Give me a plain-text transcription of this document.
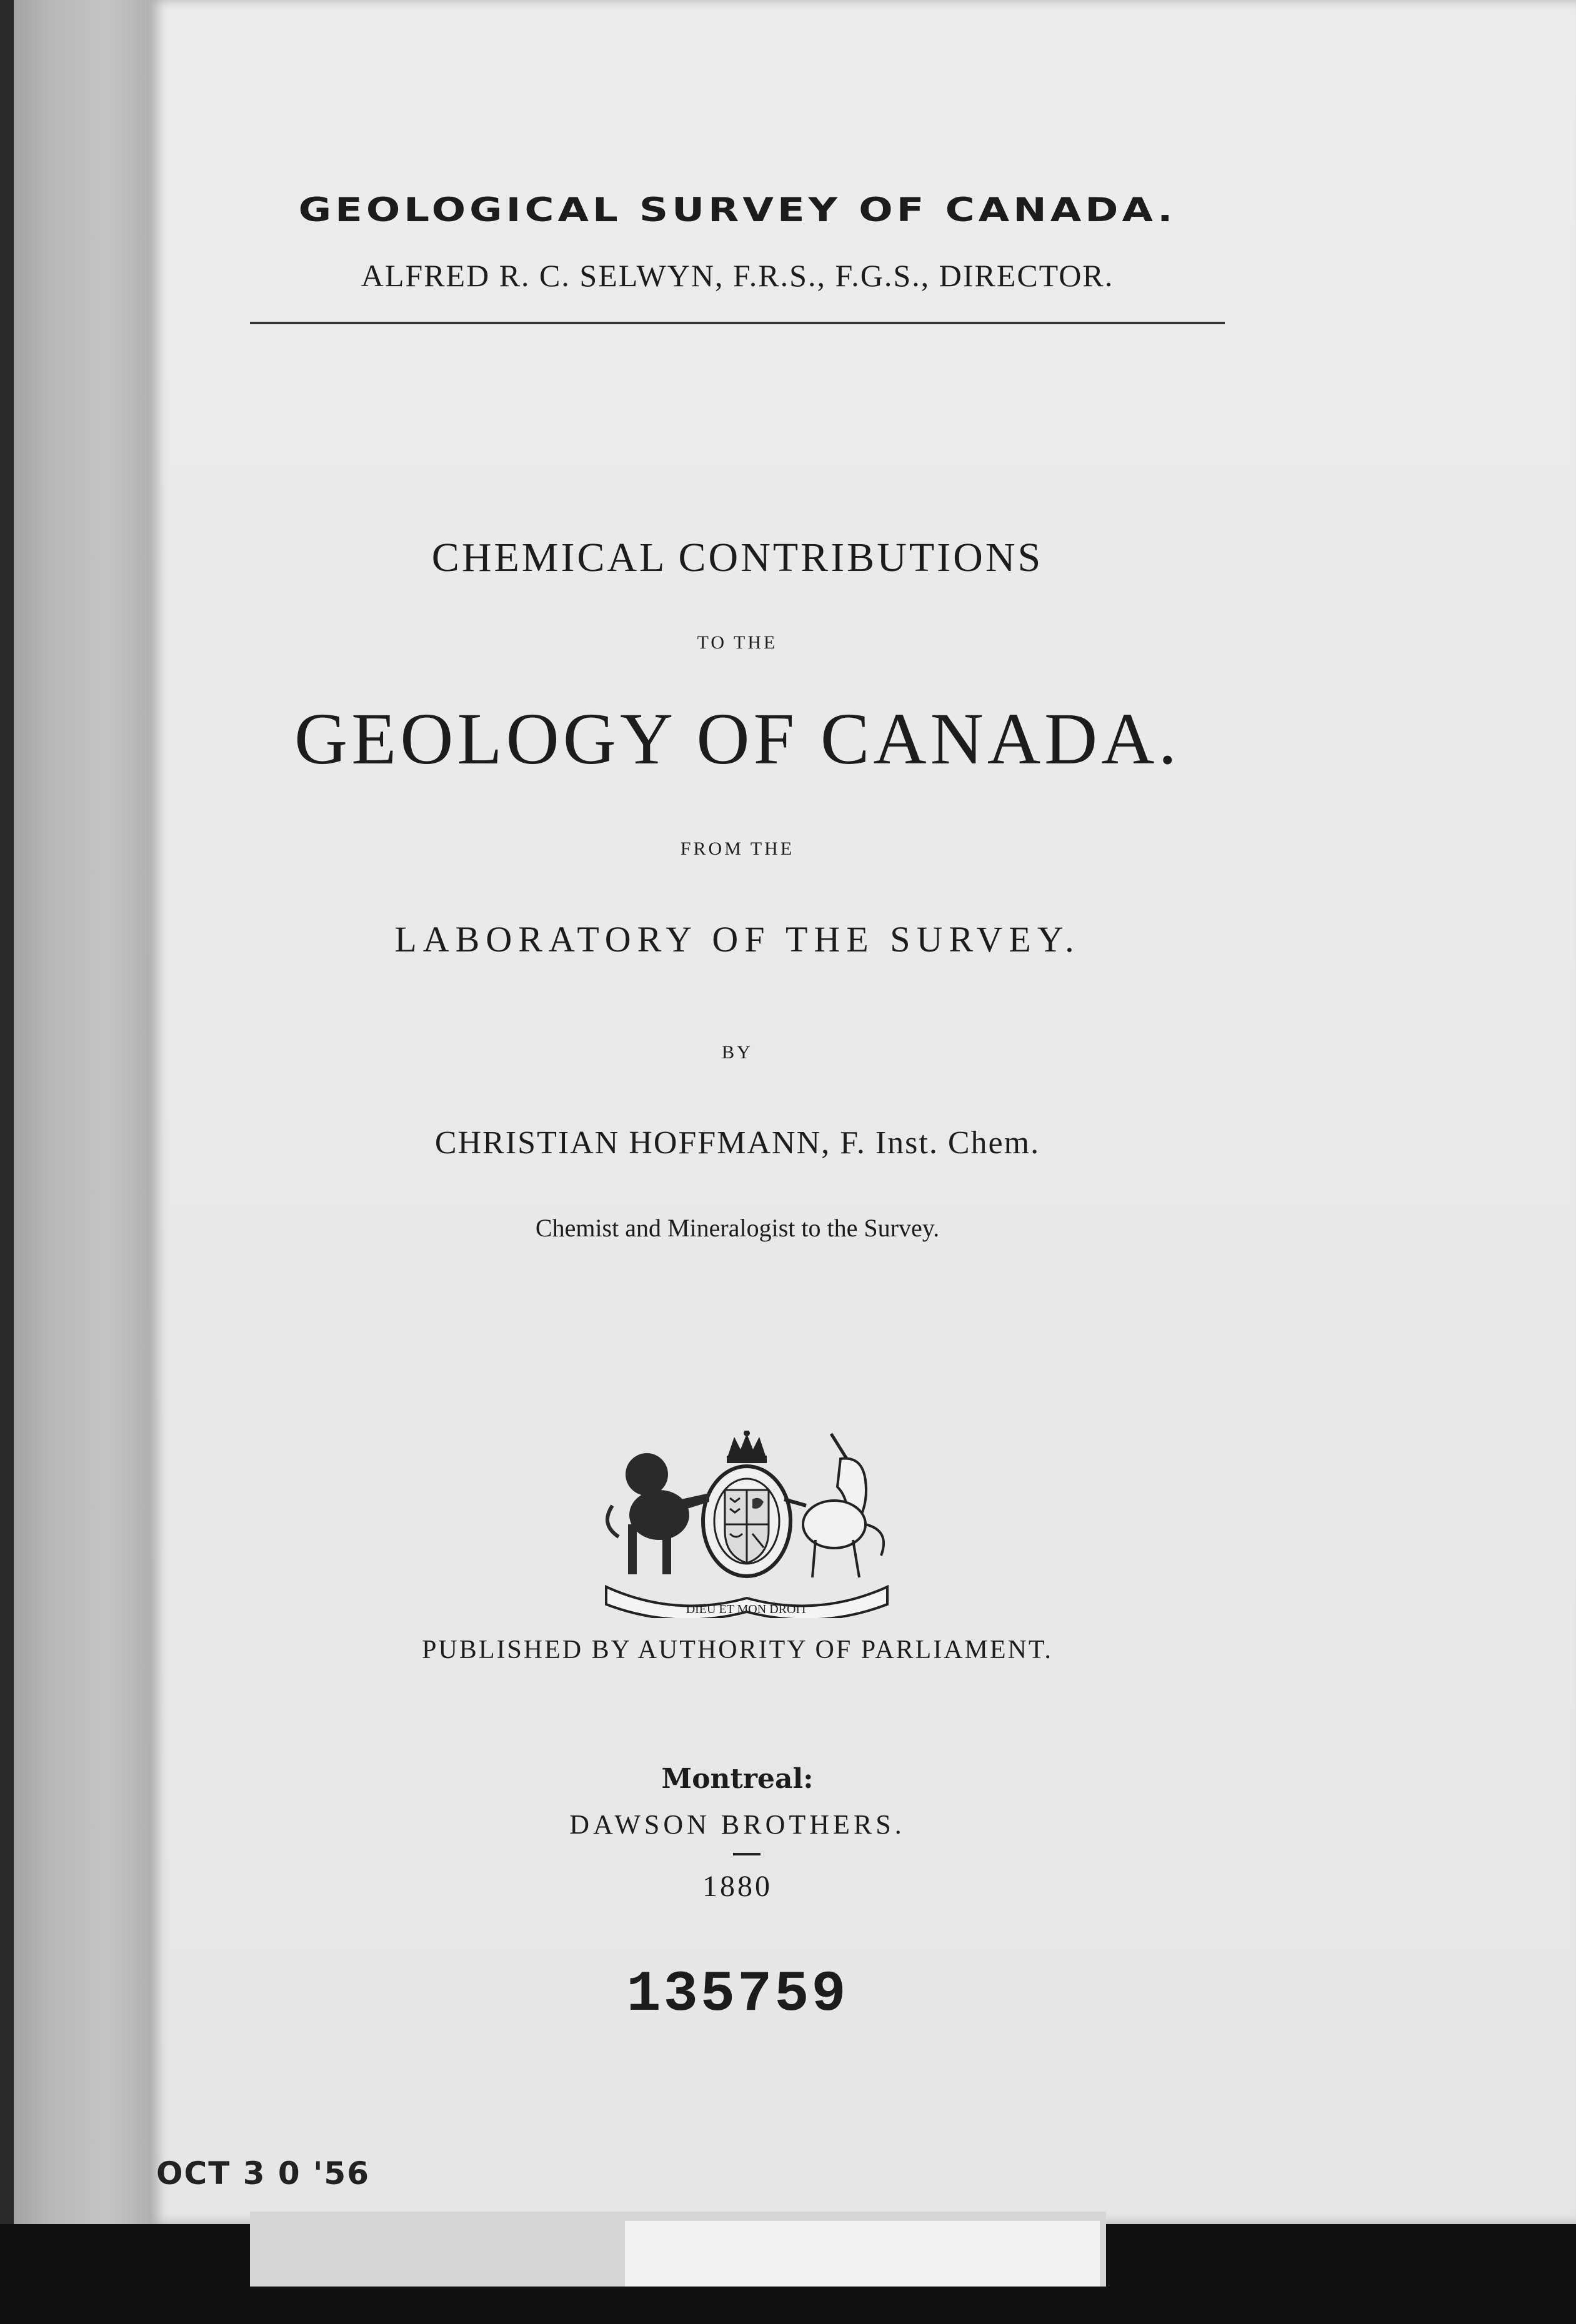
GEOLOGICAL SURVEY OF CANADA.
ALFRED R. C. SELWYN, F.R.S., F.G.S., DIRECTOR.
CHEMICAL CONTRIBUTIONS
TO THE
GEOLOGY OF CANADA.
FROM THE
LABORATORY OF THE SURVEY.
BY
CHRISTIAN HOFFMANN, F. Inst. Chem.
Chemist and Mineralogist to the Survey.
DIEU ET MON DROIT
PUBLISHED BY AUTHORITY OF PARLIAMENT.
Montreal:
DAWSON BROTHERS.
1880
135759
OCT 3 0 '56
